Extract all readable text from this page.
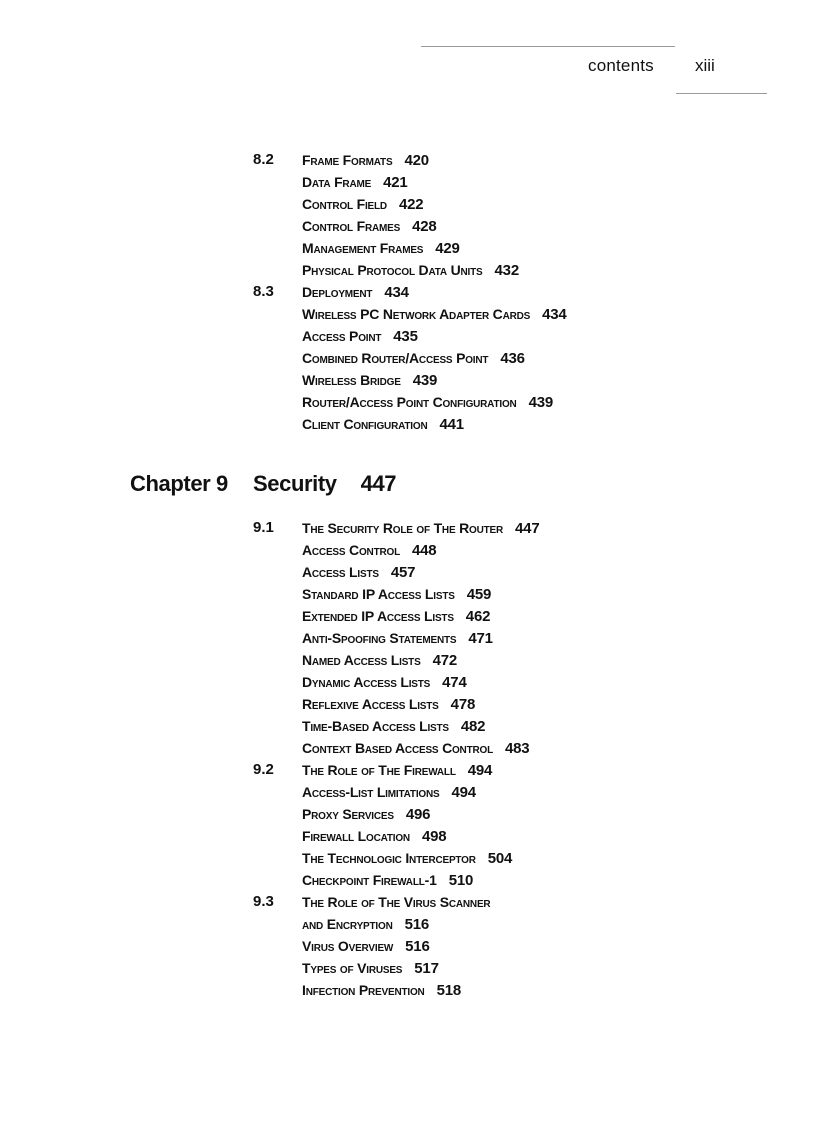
contents xiii
8.2 Frame Formats 420
Data Frame 421
Control Field 422
Control Frames 428
Management Frames 429
Physical Protocol Data Units 432
8.3 Deployment 434
Wireless PC Network Adapter Cards 434
Access Point 435
Combined Router/Access Point 436
Wireless Bridge 439
Router/Access Point Configuration 439
Client Configuration 441
Chapter 9 Security 447
9.1 The Security Role of The Router 447
Access Control 448
Access Lists 457
Standard IP Access Lists 459
Extended IP Access Lists 462
Anti-Spoofing Statements 471
Named Access Lists 472
Dynamic Access Lists 474
Reflexive Access Lists 478
Time-Based Access Lists 482
Context Based Access Control 483
9.2 The Role of The Firewall 494
Access-List Limitations 494
Proxy Services 496
Firewall Location 498
The Technologic Interceptor 504
Checkpoint Firewall-1 510
9.3 The Role of The Virus Scanner
and Encryption 516
Virus Overview 516
Types of Viruses 517
Infection Prevention 518
